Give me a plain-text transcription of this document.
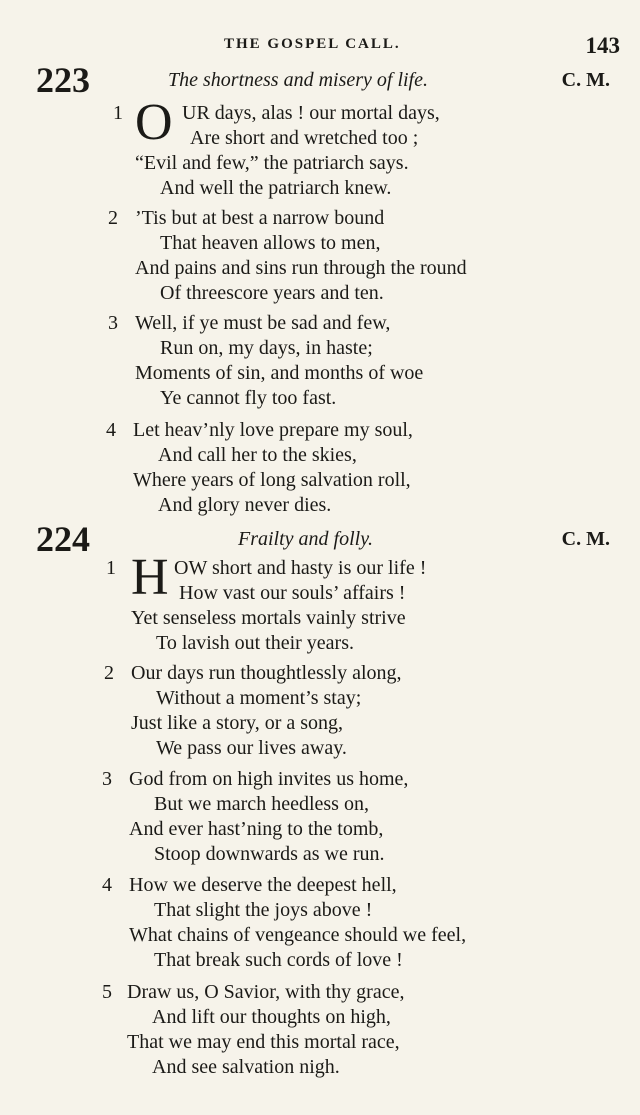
THE GOSPEL CALL.	143
223	The shortness and misery of life.	C. M.
1 O UR days, alas ! our mortal days,
Are short and wretched too ;
“Evil and few,” the patriarch says.
And well the patriarch knew.
2 ’Tis but at best a narrow bound
That heaven allows to men,
And pains and sins run through the round
Of threescore years and ten.
3 Well, if ye must be sad and few,
Run on, my days, in haste;
Moments of sin, and months of woe
Ye cannot fly too fast.
4 Let heav’nly love prepare my soul,
And call her to the skies,
Where years of long salvation roll,
And glory never dies.
224	Frailty and folly.	C. M.
1 H OW short and hasty is our life !
How vast our souls’ affairs !
Yet senseless mortals vainly strive
To lavish out their years.
2 Our days run thoughtlessly along,
Without a moment’s stay;
Just like a story, or a song,
We pass our lives away.
3 God from on high invites us home,
But we march heedless on,
And ever hast’ning to the tomb,
Stoop downwards as we run.
4 How we deserve the deepest hell,
That slight the joys above !
What chains of vengeance should we feel,
That break such cords of love !
5 Draw us, O Savior, with thy grace,
And lift our thoughts on high,
That we may end this mortal race,
And see salvation nigh.
